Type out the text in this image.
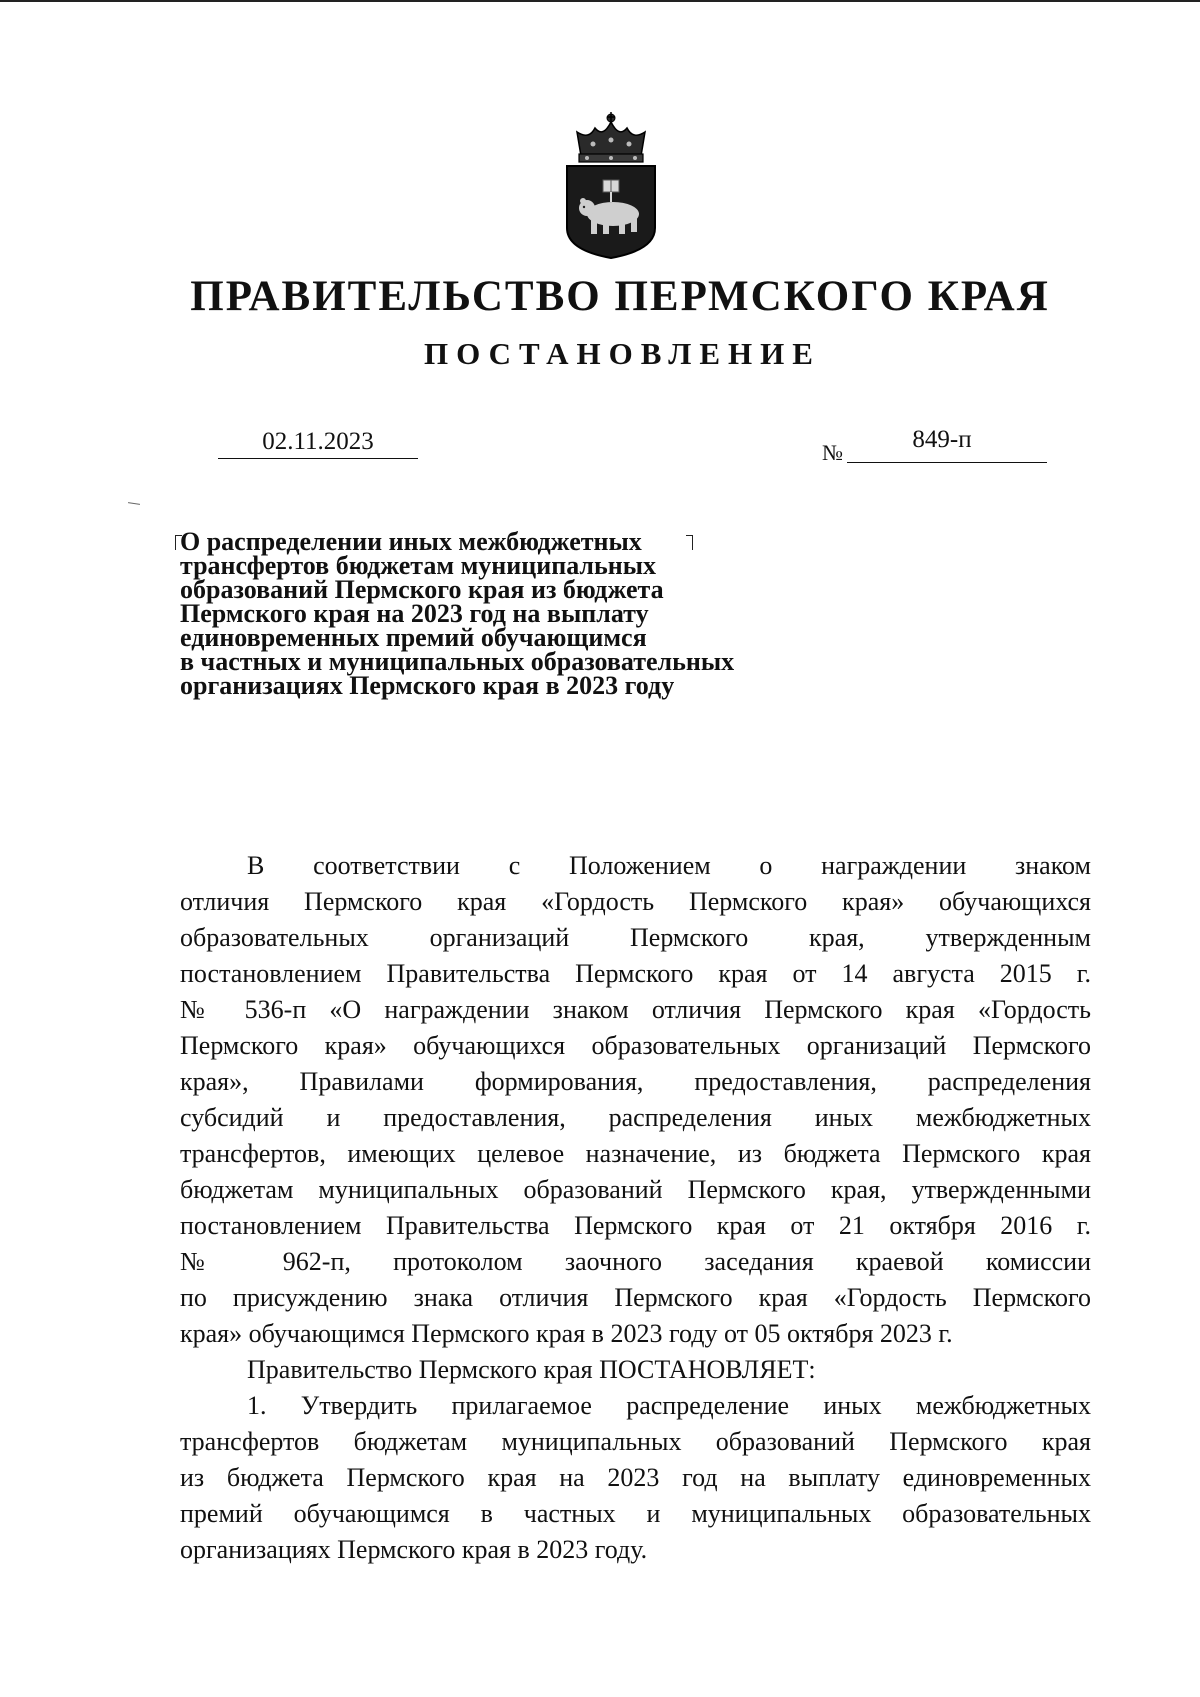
ПРАВИТЕЛЬСТВО ПЕРМСКОГО КРАЯ
ПОСТАНОВЛЕНИЕ
02.11.2023	№	849-п
О распределении иных межбюджетных
трансфертов бюджетам муниципальных
образований Пермского края из бюджета
Пермского края на 2023 год на выплату
единовременных премий обучающимся
в частных и муниципальных образовательных
организациях Пермского края в 2023 году
В соответствии с Положением о награждении знаком
отличия Пермского края «Гордость Пермского края» обучающихся
образовательных организаций Пермского края, утвержденным
постановлением Правительства Пермского края от 14 августа 2015 г.
№ 536-п «О награждении знаком отличия Пермского края «Гордость
Пермского края» обучающихся образовательных организаций Пермского
края», Правилами формирования, предоставления, распределения
субсидий и предоставления, распределения иных межбюджетных
трансфертов, имеющих целевое назначение, из бюджета Пермского края
бюджетам муниципальных образований Пермского края, утвержденными
постановлением Правительства Пермского края от 21 октября 2016 г.
№ 962-п, протоколом заочного заседания краевой комиссии
по присуждению знака отличия Пермского края «Гордость Пермского
края» обучающимся Пермского края в 2023 году от 05 октября 2023 г.
Правительство Пермского края ПОСТАНОВЛЯЕТ:
1. Утвердить прилагаемое распределение иных межбюджетных
трансфертов бюджетам муниципальных образований Пермского края
из бюджета Пермского края на 2023 год на выплату единовременных
премий обучающимся в частных и муниципальных образовательных
организациях Пермского края в 2023 году.
